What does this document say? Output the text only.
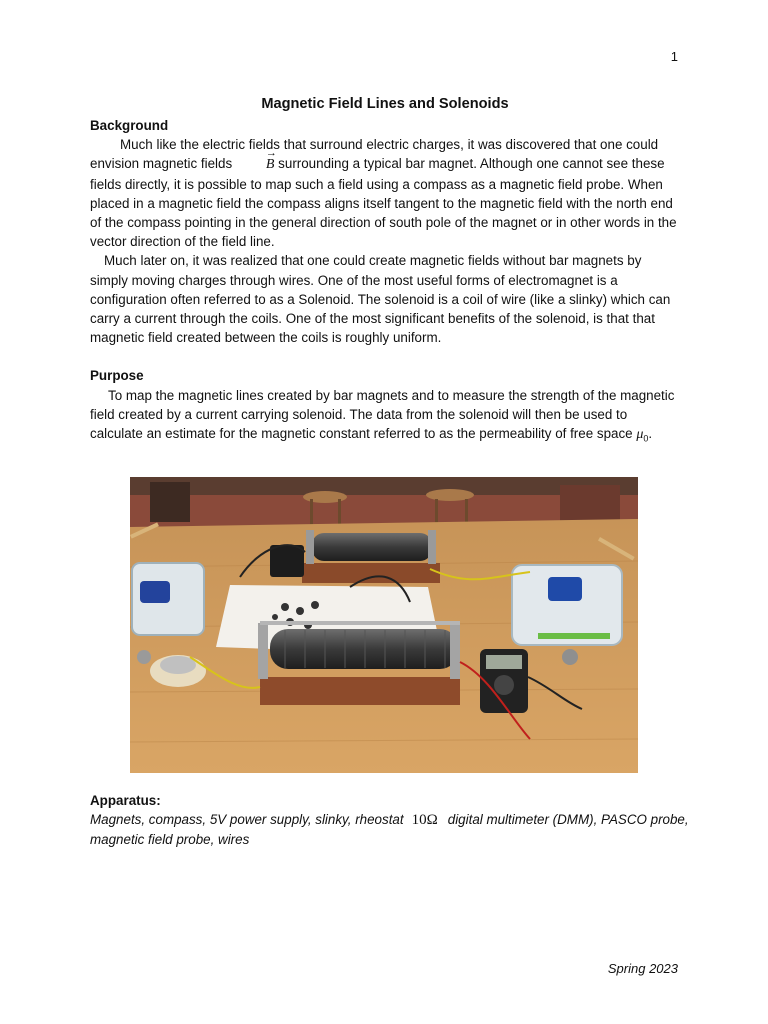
1

Magnetic Field Lines and Solenoids

Background

Much like the electric fields that surround electric charges, it was discovered that one could envision magnetic fields → B surrounding a typical bar magnet. Although one cannot see these fields directly, it is possible to map such a field using a compass as a magnetic field probe. When placed in a magnetic field the compass aligns itself tangent to the magnetic field with the north end of the compass pointing in the general direction of south pole of the magnet or in other words in the vector direction of the field line.

Much later on, it was realized that one could create magnetic fields without bar magnets by simply moving charges through wires. One of the most useful forms of electromagnet is a configuration often referred to as a Solenoid. The solenoid is a coil of wire (like a slinky) which can carry a current through the coils. One of the most significant benefits of the solenoid, is that that magnetic field created between the coils is roughly uniform.

Purpose

To map the magnetic lines created by bar magnets and to measure the strength of the magnetic field created by a current carrying solenoid. The data from the solenoid will then be used to calculate an estimate for the magnetic constant referred to as the permeability of free space $\mu_0$.

Apparatus:

Magnets, compass, 5V power supply, slinky, rheostat 10Ω digital multimeter (DMM), PASCO probe, magnetic field probe, wires

Spring 2023
